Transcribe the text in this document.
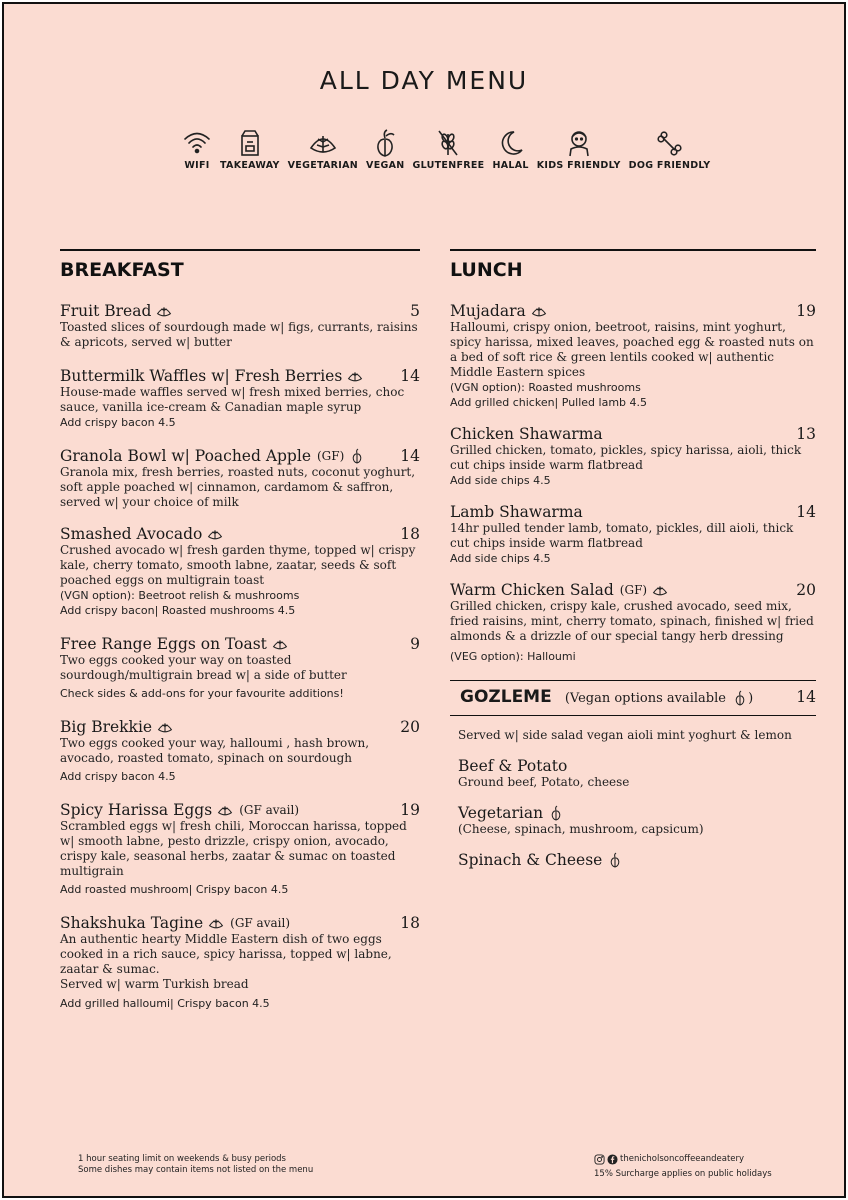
ALL DAY MENU
WIFI TAKEAWAY VEGETARIAN VEGAN GLUTENFREE HALAL KIDS FRIENDLY DOG FRIENDLY
BREAKFAST
Fruit Bread	5
Toasted slices of sourdough made w| figs, currants, raisins & apricots, served w| butter
Buttermilk Waffles w| Fresh Berries	14
House-made waffles served w| fresh mixed berries, choc sauce, vanilla ice-cream & Canadian maple syrup
Add crispy bacon 4.5
Granola Bowl w| Poached Apple (GF)	14
Granola mix, fresh berries, roasted nuts, coconut yoghurt, soft apple poached w| cinnamon, cardamom & saffron, served w| your choice of milk
Smashed Avocado	18
Crushed avocado w| fresh garden thyme, topped w| crispy kale, cherry tomato, smooth labne, zaatar, seeds & soft poached eggs on multigrain toast
(VGN option): Beetroot relish & mushrooms
Add crispy bacon| Roasted mushrooms 4.5
Free Range Eggs on Toast	9
Two eggs cooked your way on toasted sourdough/multigrain bread w| a side of butter
Check sides & add-ons for your favourite additions!
Big Brekkie	20
Two eggs cooked your way, halloumi , hash brown, avocado, roasted tomato, spinach on sourdough
Add crispy bacon 4.5
Spicy Harissa Eggs (GF avail)	19
Scrambled eggs w| fresh chili, Moroccan harissa, topped w| smooth labne, pesto drizzle, crispy onion, avocado, crispy kale, seasonal herbs, zaatar & sumac on toasted multigrain
Add roasted mushroom| Crispy bacon 4.5
Shakshuka Tagine (GF avail)	18
An authentic hearty Middle Eastern dish of two eggs cooked in a rich sauce, spicy harissa, topped w| labne, zaatar & sumac.
Served w| warm Turkish bread
Add grilled halloumi| Crispy bacon 4.5
LUNCH
Mujadara	19
Halloumi, crispy onion, beetroot, raisins, mint yoghurt, spicy harissa, mixed leaves, poached egg & roasted nuts on a bed of soft rice & green lentils cooked w| authentic Middle Eastern spices
(VGN option): Roasted mushrooms
Add grilled chicken| Pulled lamb 4.5
Chicken Shawarma	13
Grilled chicken, tomato, pickles, spicy harissa, aioli, thick cut chips inside warm flatbread
Add side chips 4.5
Lamb Shawarma	14
14hr pulled tender lamb, tomato, pickles, dill aioli, thick cut chips inside warm flatbread
Add side chips 4.5
Warm Chicken Salad (GF)	20
Grilled chicken, crispy kale, crushed avocado, seed mix, fried raisins, mint, cherry tomato, spinach, finished w| fried almonds & a drizzle of our special tangy herb dressing
(VEG option): Halloumi
GOZLEME (Vegan options available )	14
Served w| side salad vegan aioli mint yoghurt & lemon
Beef & Potato
Ground beef, Potato, cheese
Vegetarian
(Cheese, spinach, mushroom, capsicum)
Spinach & Cheese
1 hour seating limit on weekends & busy periods
Some dishes may contain items not listed on the menu
thenicholsoncoffeeandeatery
15% Surcharge applies on public holidays
